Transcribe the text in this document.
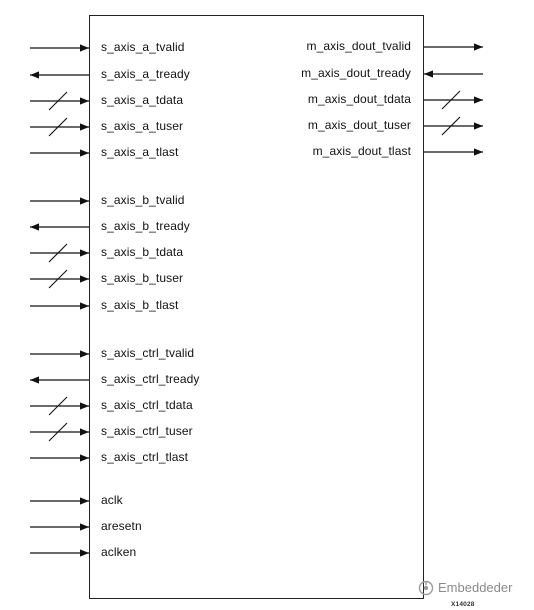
s_axis_a_tvalid
s_axis_a_tready
s_axis_a_tdata
s_axis_a_tuser
s_axis_a_tlast
s_axis_b_tvalid
s_axis_b_tready
s_axis_b_tdata
s_axis_b_tuser
s_axis_b_tlast
s_axis_ctrl_tvalid
s_axis_ctrl_tready
s_axis_ctrl_tdata
s_axis_ctrl_tuser
s_axis_ctrl_tlast
aclk
aresetn
aclken
m_axis_dout_tvalid
m_axis_dout_tready
m_axis_dout_tdata
m_axis_dout_tuser
m_axis_dout_tlast
Embeddeder
X14028
